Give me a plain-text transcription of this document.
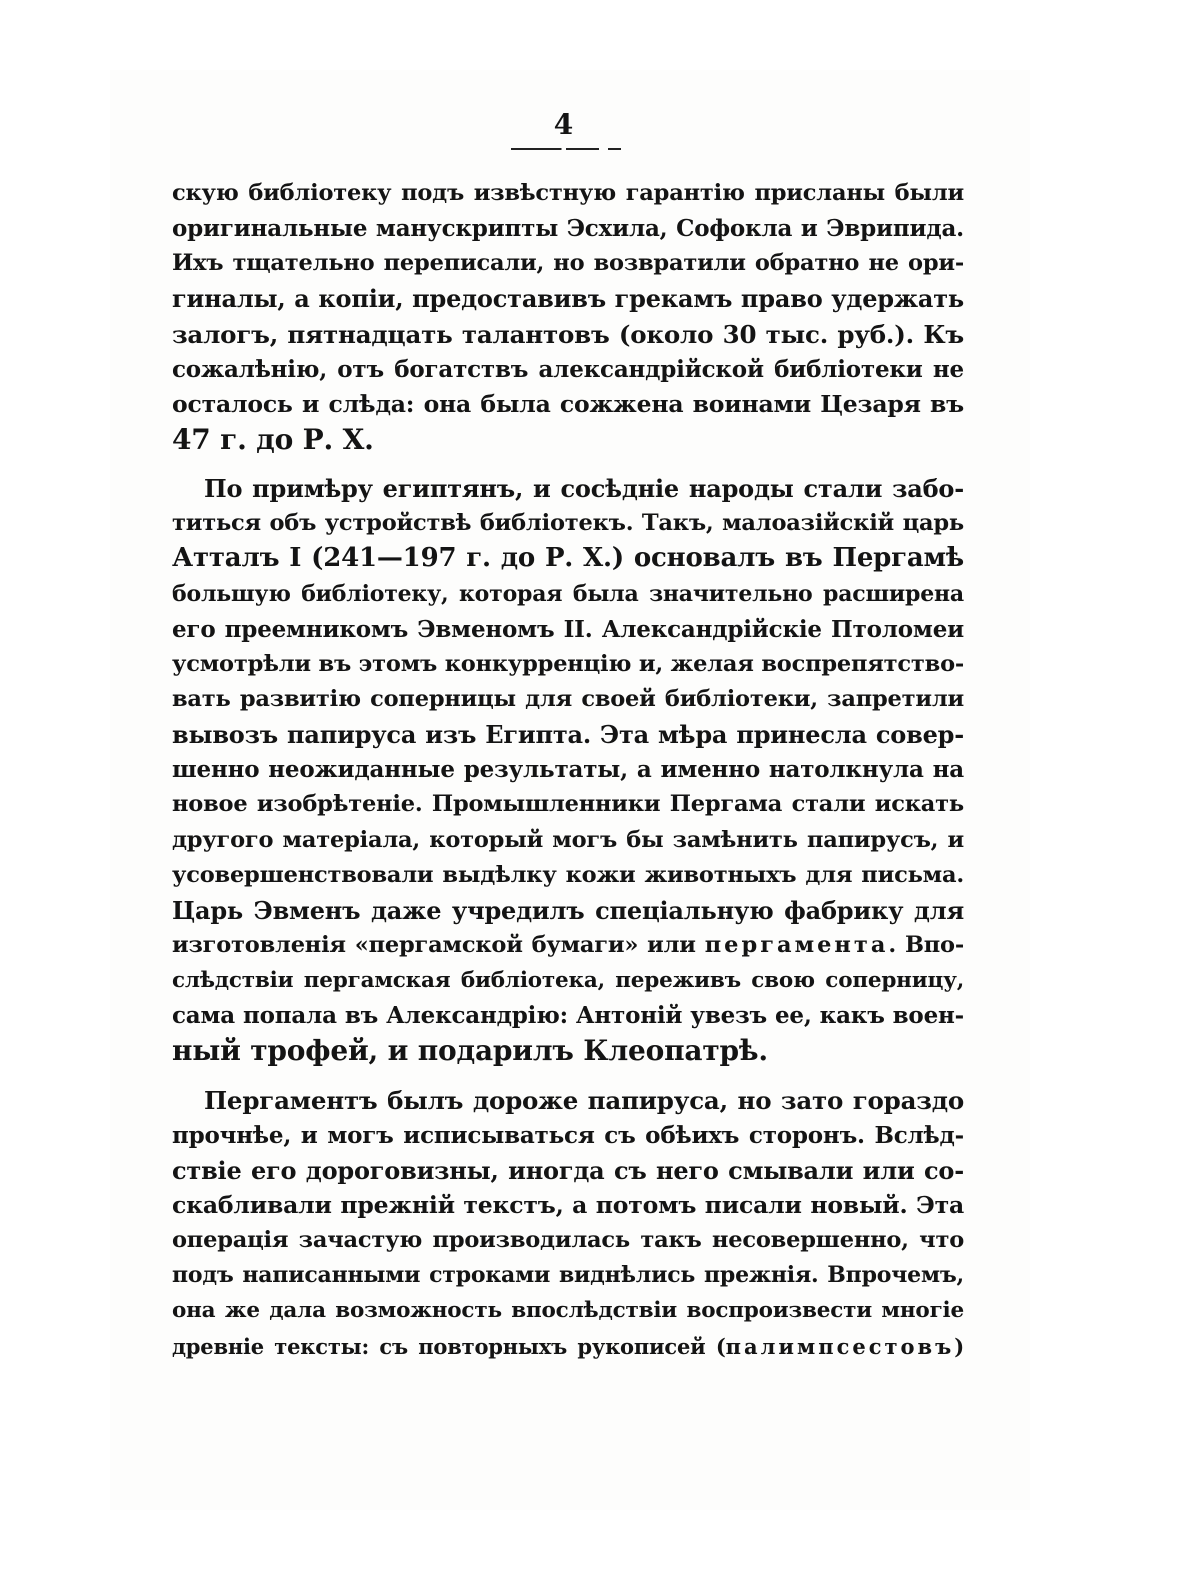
4
скую библіотеку подъ извѣстную гарантію присланы были
оригинальные манускрипты Эсхила, Софокла и Эврипида.
Ихъ тщательно переписали, но возвратили обратно не ори-
гиналы, а копіи, предоставивъ грекамъ право удержать
залогъ, пятнадцать талантовъ (около 30 тыс. руб.). Къ
сожалѣнію, отъ богатствъ александрійской библіотеки не
осталось и слѣда: она была сожжена воинами Цезаря въ
47 г. до Р. Х.
По примѣру египтянъ, и сосѣдніе народы стали забо-
титься объ устройствѣ библіотекъ. Такъ, малоазійскій царь
Атталъ I (241—197 г. до Р. Х.) основалъ въ Пергамѣ
большую библіотеку, которая была значительно расширена
его преемникомъ Эвменомъ II. Александрійскіе Птоломеи
усмотрѣли въ этомъ конкурренцію и, желая воспрепятство-
вать развитію соперницы для своей библіотеки, запретили
вывозъ папируса изъ Египта. Эта мѣра принесла совер-
шенно неожиданные результаты, а именно натолкнула на
новое изобрѣтеніе. Промышленники Пергама стали искать
другого матеріала, который могъ бы замѣнить папирусъ, и
усовершенствовали выдѣлку кожи животныхъ для письма.
Царь Эвменъ даже учредилъ спеціальную фабрику для
изготовленія «пергамской бумаги» или пергамента. Впо-
слѣдствіи пергамская библіотека, переживъ свою соперницу,
сама попала въ Александрію: Антоній увезъ ее, какъ воен-
ный трофей, и подарилъ Клеопатрѣ.
Пергаментъ былъ дороже папируса, но зато гораздо
прочнѣе, и могъ исписываться съ обѣихъ сторонъ. Вслѣд-
ствіе его дороговизны, иногда съ него смывали или со-
скабливали прежній текстъ, а потомъ писали новый. Эта
операція зачастую производилась такъ несовершенно, что
подъ написанными строками виднѣлись прежнія. Впрочемъ,
она же дала возможность впослѣдствіи воспроизвести многіе
древніе тексты: съ повторныхъ рукописей (палимпсестовъ)
